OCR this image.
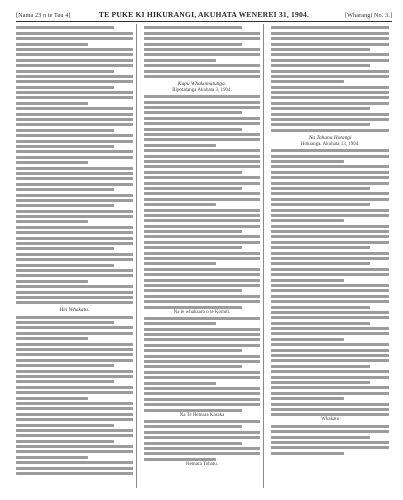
[Nama 23 o te Tau 4]	TE PUKE KI HIKURANGI, AKUHATA WENEREI 31, 1904.	[Wharangi No. 3.]
Hei Whakatu.
Kupu Whakamutunga.
Ripotatanga Akuhata 3, 1904.
Na te whakaaro o te Komiti.
Na Te Hemara Karaka
Hemara Tohatu.
Na Tahuna Hotangi
Hokianga. Akuhata 13, 1904.
Whakatu
